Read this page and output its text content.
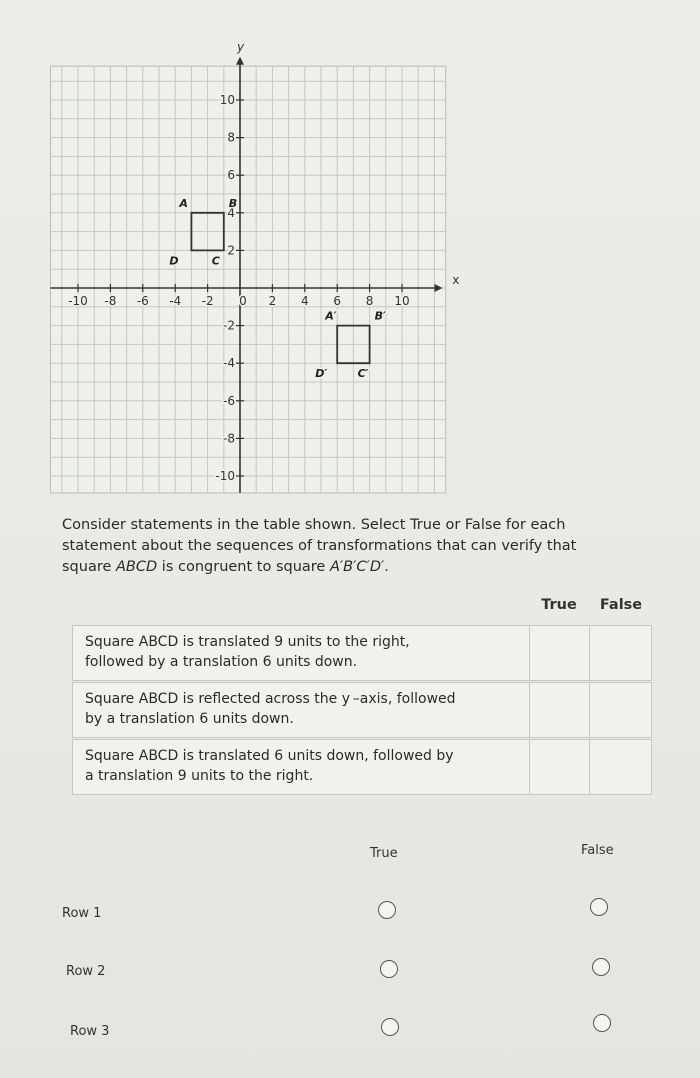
x
y
-10 -8 -6 -4 -2 0 2 4 6 8 10
10
8
6
4
2
-2
-4
-6
-8
-10
A	B
C
D
A′	B′
C′
D′
Consider statements in the table shown. Select True or False for each
statement about the sequences of transformations that can verify that
square ABCD is congruent to square A′B′C′D′.
True	False
Square ABCD is translated 9 units to the right,
followed by a translation 6 units down.
Square ABCD is reflected across the y –axis, followed
by a translation 6 units down.
Square ABCD is translated 6 units down, followed by
a translation 9 units to the right.
True	False
Row 1
Row 2
Row 3
